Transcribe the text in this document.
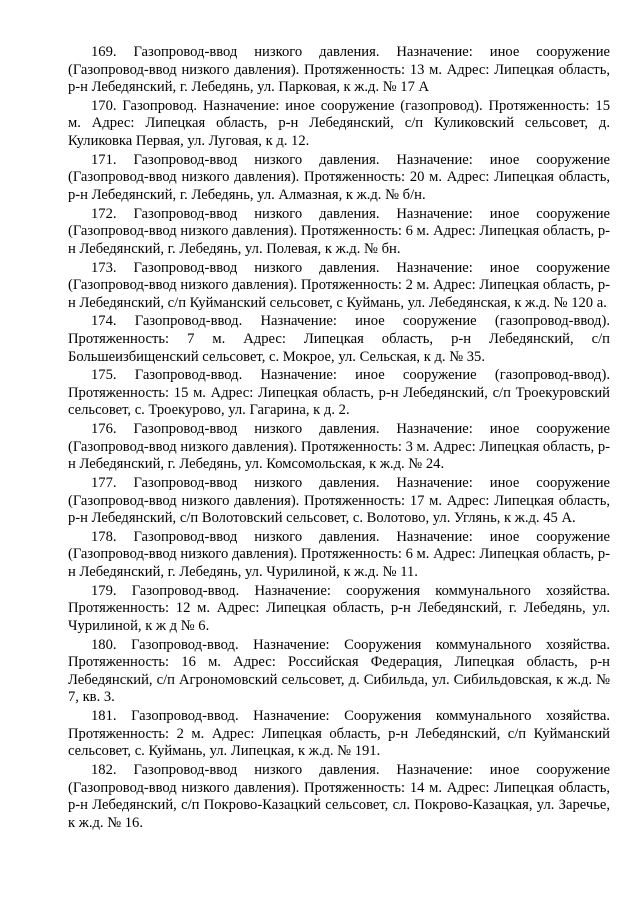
169. Газопровод-ввод низкого давления. Назначение: иное сооружение (Газопровод-ввод низкого давления). Протяженность: 13 м. Адрес: Липецкая область, р-н Лебедянский, г. Лебедянь, ул. Парковая, к ж.д. № 17 А

170. Газопровод. Назначение: иное сооружение (газопровод). Протяженность: 15 м. Адрес: Липецкая область, р-н Лебедянский, с/п Куликовский сельсовет, д. Куликовка Первая, ул. Луговая, к д. 12.

171. Газопровод-ввод низкого давления. Назначение: иное сооружение (Газопровод-ввод низкого давления). Протяженность: 20 м. Адрес: Липецкая область, р-н Лебедянский, г. Лебедянь, ул. Алмазная, к ж.д. № б/н.

172. Газопровод-ввод низкого давления. Назначение: иное сооружение (Газопровод-ввод низкого давления). Протяженность: 6 м. Адрес: Липецкая область, р-н Лебедянский, г. Лебедянь, ул. Полевая, к ж.д. № бн.

173. Газопровод-ввод низкого давления. Назначение: иное сооружение (Газопровод-ввод низкого давления). Протяженность: 2 м. Адрес: Липецкая область, р-н Лебедянский, с/п Куйманский сельсовет, с Куймань, ул. Лебедянская, к ж.д. № 120 а.

174. Газопровод-ввод. Назначение: иное сооружение (газопровод-ввод). Протяженность: 7 м. Адрес: Липецкая область, р-н Лебедянский, с/п Большеизбищенский сельсовет, с. Мокрое, ул. Сельская, к д. № 35.

175. Газопровод-ввод. Назначение: иное сооружение (газопровод-ввод). Протяженность: 15 м. Адрес: Липецкая область, р-н Лебедянский, с/п Троекуровский сельсовет, с. Троекурово, ул. Гагарина, к д. 2.

176. Газопровод-ввод низкого давления. Назначение: иное сооружение (Газопровод-ввод низкого давления). Протяженность: 3 м. Адрес: Липецкая область, р-н Лебедянский, г. Лебедянь, ул. Комсомольская, к ж.д. № 24.

177. Газопровод-ввод низкого давления. Назначение: иное сооружение (Газопровод-ввод низкого давления). Протяженность: 17 м. Адрес: Липецкая область, р-н Лебедянский, с/п Волотовский сельсовет, с. Волотово, ул. Углянь, к ж.д. 45 А.

178. Газопровод-ввод низкого давления. Назначение: иное сооружение (Газопровод-ввод низкого давления). Протяженность: 6 м. Адрес: Липецкая область, р-н Лебедянский, г. Лебедянь, ул. Чурилиной, к ж.д. № 11.

179. Газопровод-ввод. Назначение: сооружения коммунального хозяйства. Протяженность: 12 м. Адрес: Липецкая область, р-н Лебедянский, г. Лебедянь, ул. Чурилиной, к ж д № 6.

180. Газопровод-ввод. Назначение: Сооружения коммунального хозяйства. Протяженность: 16 м. Адрес: Российская Федерация, Липецкая область, р-н Лебедянский, с/п Агрономовский сельсовет, д. Сибильда, ул. Сибильдовская, к ж.д. № 7, кв. 3.

181. Газопровод-ввод. Назначение: Сооружения коммунального хозяйства. Протяженность: 2 м. Адрес: Липецкая область, р-н Лебедянский, с/п Куйманский сельсовет, с. Куймань, ул. Липецкая, к ж.д. № 191.

182. Газопровод-ввод низкого давления. Назначение: иное сооружение (Газопровод-ввод низкого давления). Протяженность: 14 м. Адрес: Липецкая область, р-н Лебедянский, с/п Покрово-Казацкий сельсовет, сл. Покрово-Казацкая, ул. Заречье, к ж.д. № 16.
